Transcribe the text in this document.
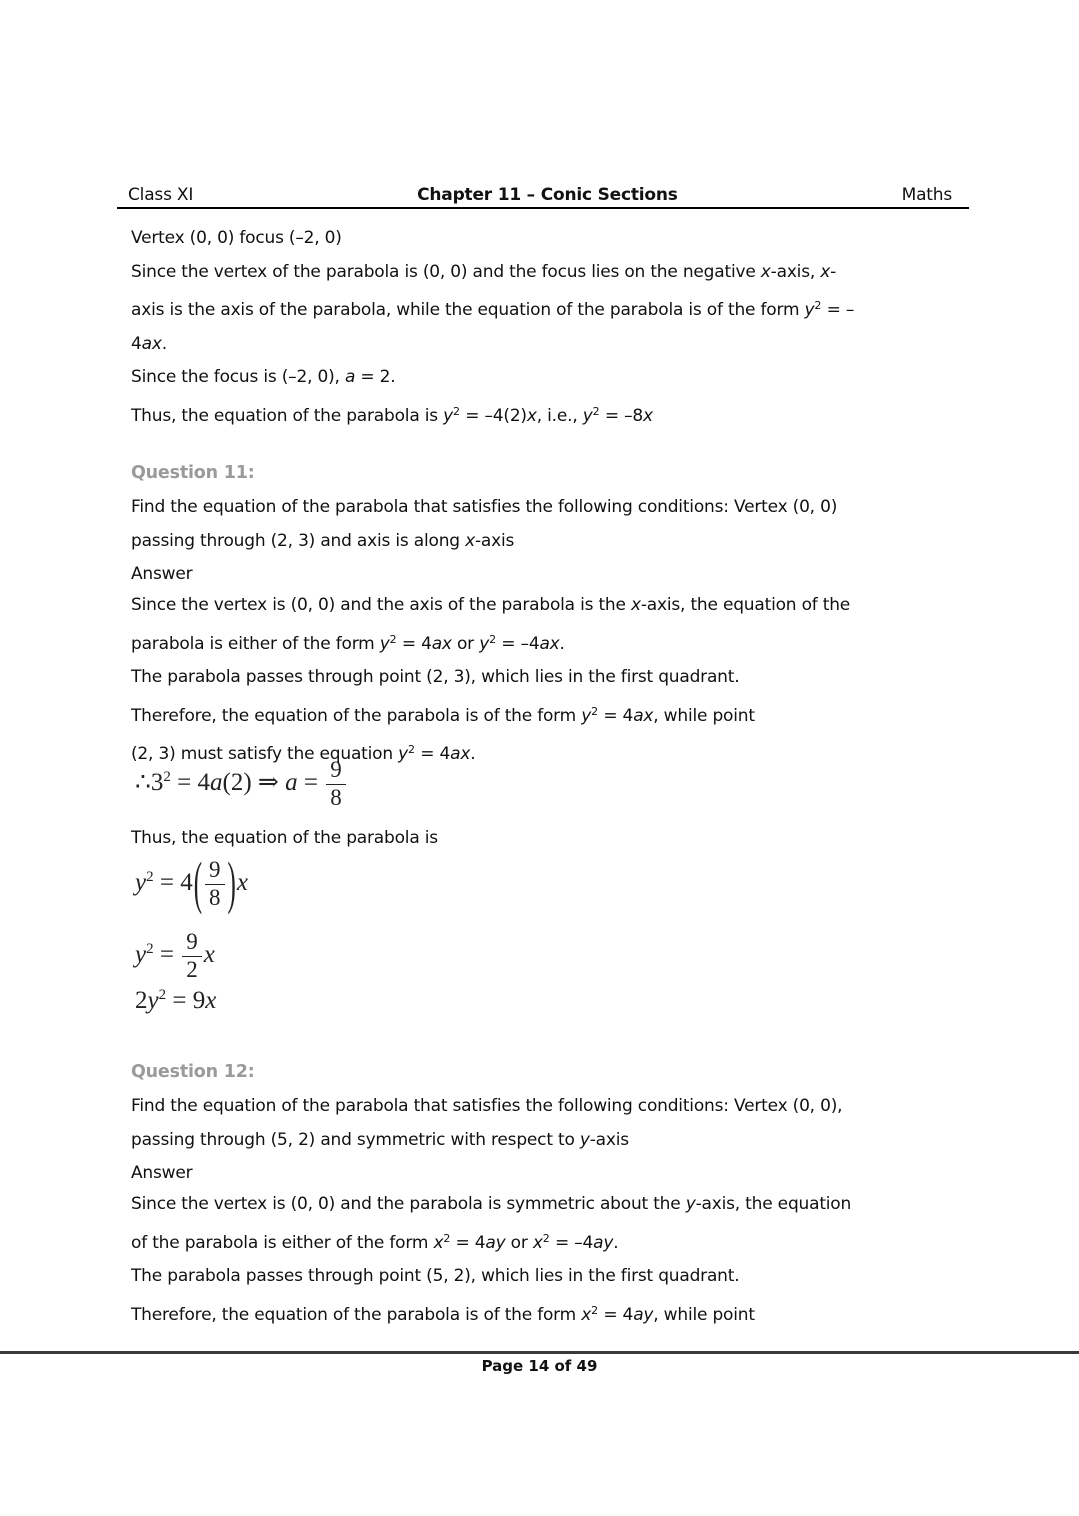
Class XI	Chapter 11 – Conic Sections	Maths
Vertex (0, 0) focus (–2, 0)
Since the vertex of the parabola is (0, 0) and the focus lies on the negative x-axis, x-
axis is the axis of the parabola, while the equation of the parabola is of the form $y^2$ = –
4ax.
Since the focus is (–2, 0), a = 2.
Thus, the equation of the parabola is $y^2 = -4(2)x$, i.e., $y^2 = -8x$
Question 11:
Find the equation of the parabola that satisfies the following conditions: Vertex (0, 0)
passing through (2, 3) and axis is along x-axis
Answer
Since the vertex is (0, 0) and the axis of the parabola is the x-axis, the equation of the
parabola is either of the form $y^2 = 4ax$ or $y^2 = -4ax$.
The parabola passes through point (2, 3), which lies in the first quadrant.
Therefore, the equation of the parabola is of the form $y^2 = 4ax$, while point
(2, 3) must satisfy the equation $y^2 = 4ax$.
$\therefore 3^2 = 4a(2)$ ⇒ $a = \frac{9}{8}$
Thus, the equation of the parabola is
$y^2 = 4( \frac{9}{8} )x$
$y^2 = \frac{9}{2}$ x
$2y^2 = 9x$
Question 12:
Find the equation of the parabola that satisfies the following conditions: Vertex (0, 0),
passing through (5, 2) and symmetric with respect to y-axis
Answer
Since the vertex is (0, 0) and the parabola is symmetric about the y-axis, the equation
of the parabola is either of the form $x^2 = 4ay$ or $x^2 = -4ay$.
The parabola passes through point (5, 2), which lies in the first quadrant.
Therefore, the equation of the parabola is of the form $x^2 = 4ay$, while point
Page 14 of 49
